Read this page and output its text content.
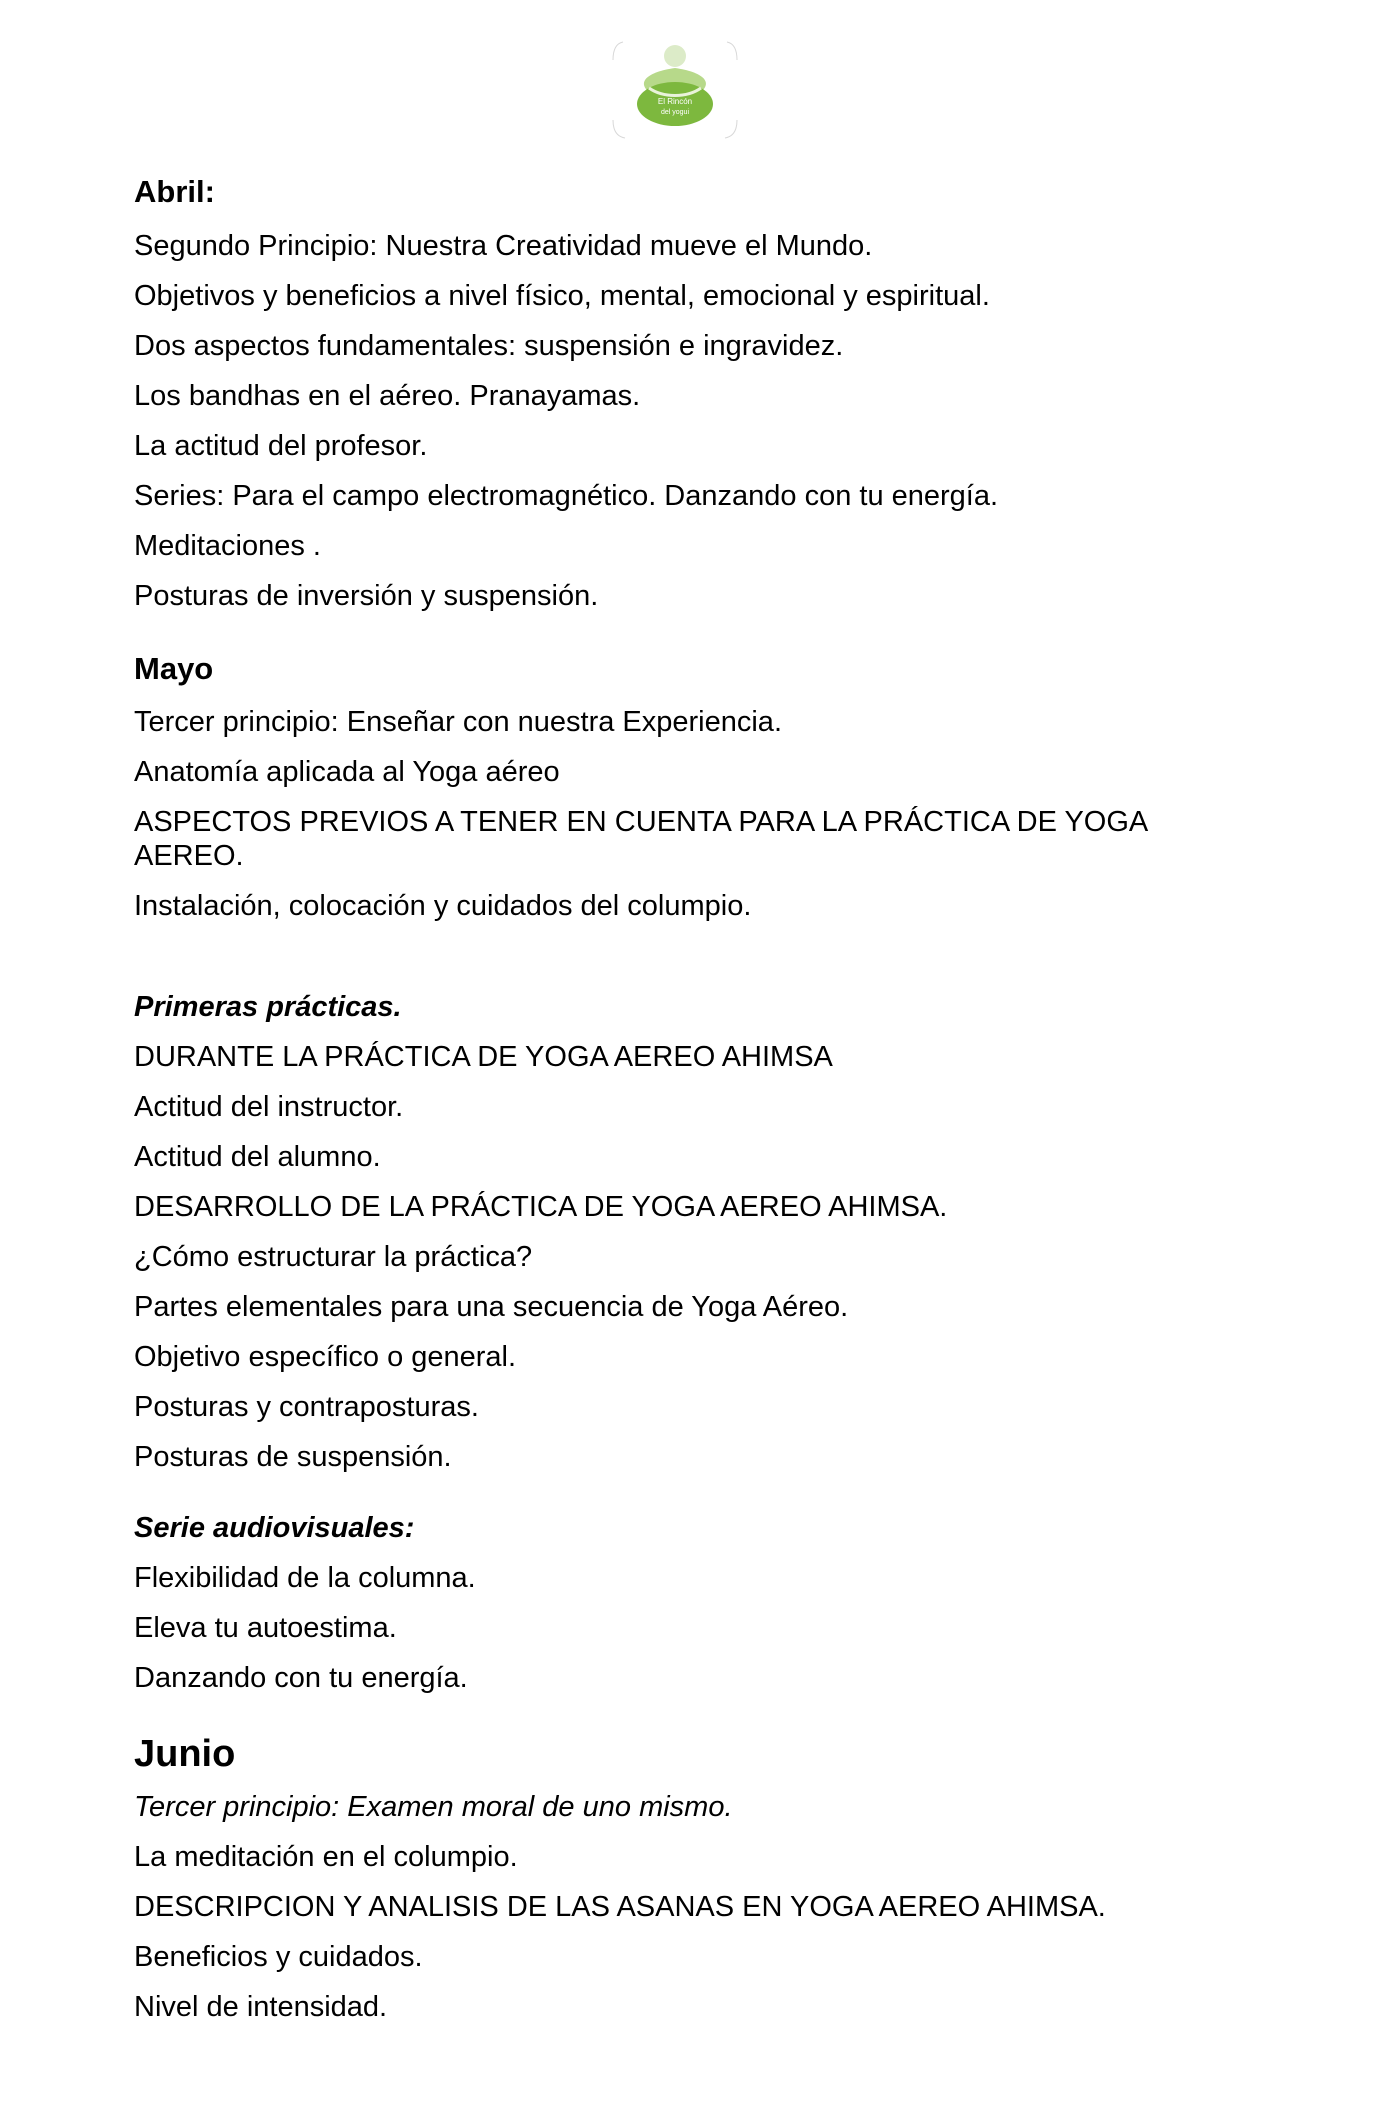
El Rincón
del yogui
Abril:
Segundo Principio: Nuestra Creatividad mueve el Mundo.
Objetivos y beneficios a nivel físico, mental, emocional y espiritual.
Dos aspectos fundamentales: suspensión e ingravidez.
Los bandhas en el aéreo. Pranayamas.
La actitud del profesor.
Series: Para el campo electromagnético. Danzando con tu energía.
Meditaciones .
Posturas de inversión y suspensión.
Mayo
Tercer principio: Enseñar con nuestra Experiencia.
Anatomía aplicada al Yoga aéreo
ASPECTOS PREVIOS A TENER EN CUENTA PARA LA PRÁCTICA DE YOGA AEREO.
Instalación, colocación y cuidados del columpio.
Primeras prácticas.
DURANTE LA PRÁCTICA DE YOGA AEREO AHIMSA
Actitud del instructor.
Actitud del alumno.
DESARROLLO DE LA PRÁCTICA DE YOGA AEREO AHIMSA.
¿Cómo estructurar la práctica?
Partes elementales para una secuencia de Yoga Aéreo.
Objetivo específico o general.
Posturas y contraposturas.
Posturas de suspensión.
Serie audiovisuales:
Flexibilidad de la columna.
Eleva tu autoestima.
Danzando con tu energía.
Junio
Tercer principio: Examen moral de uno mismo.
La meditación en el columpio.
DESCRIPCION Y ANALISIS DE LAS ASANAS EN YOGA AEREO AHIMSA.
Beneficios y cuidados.
Nivel de intensidad.
